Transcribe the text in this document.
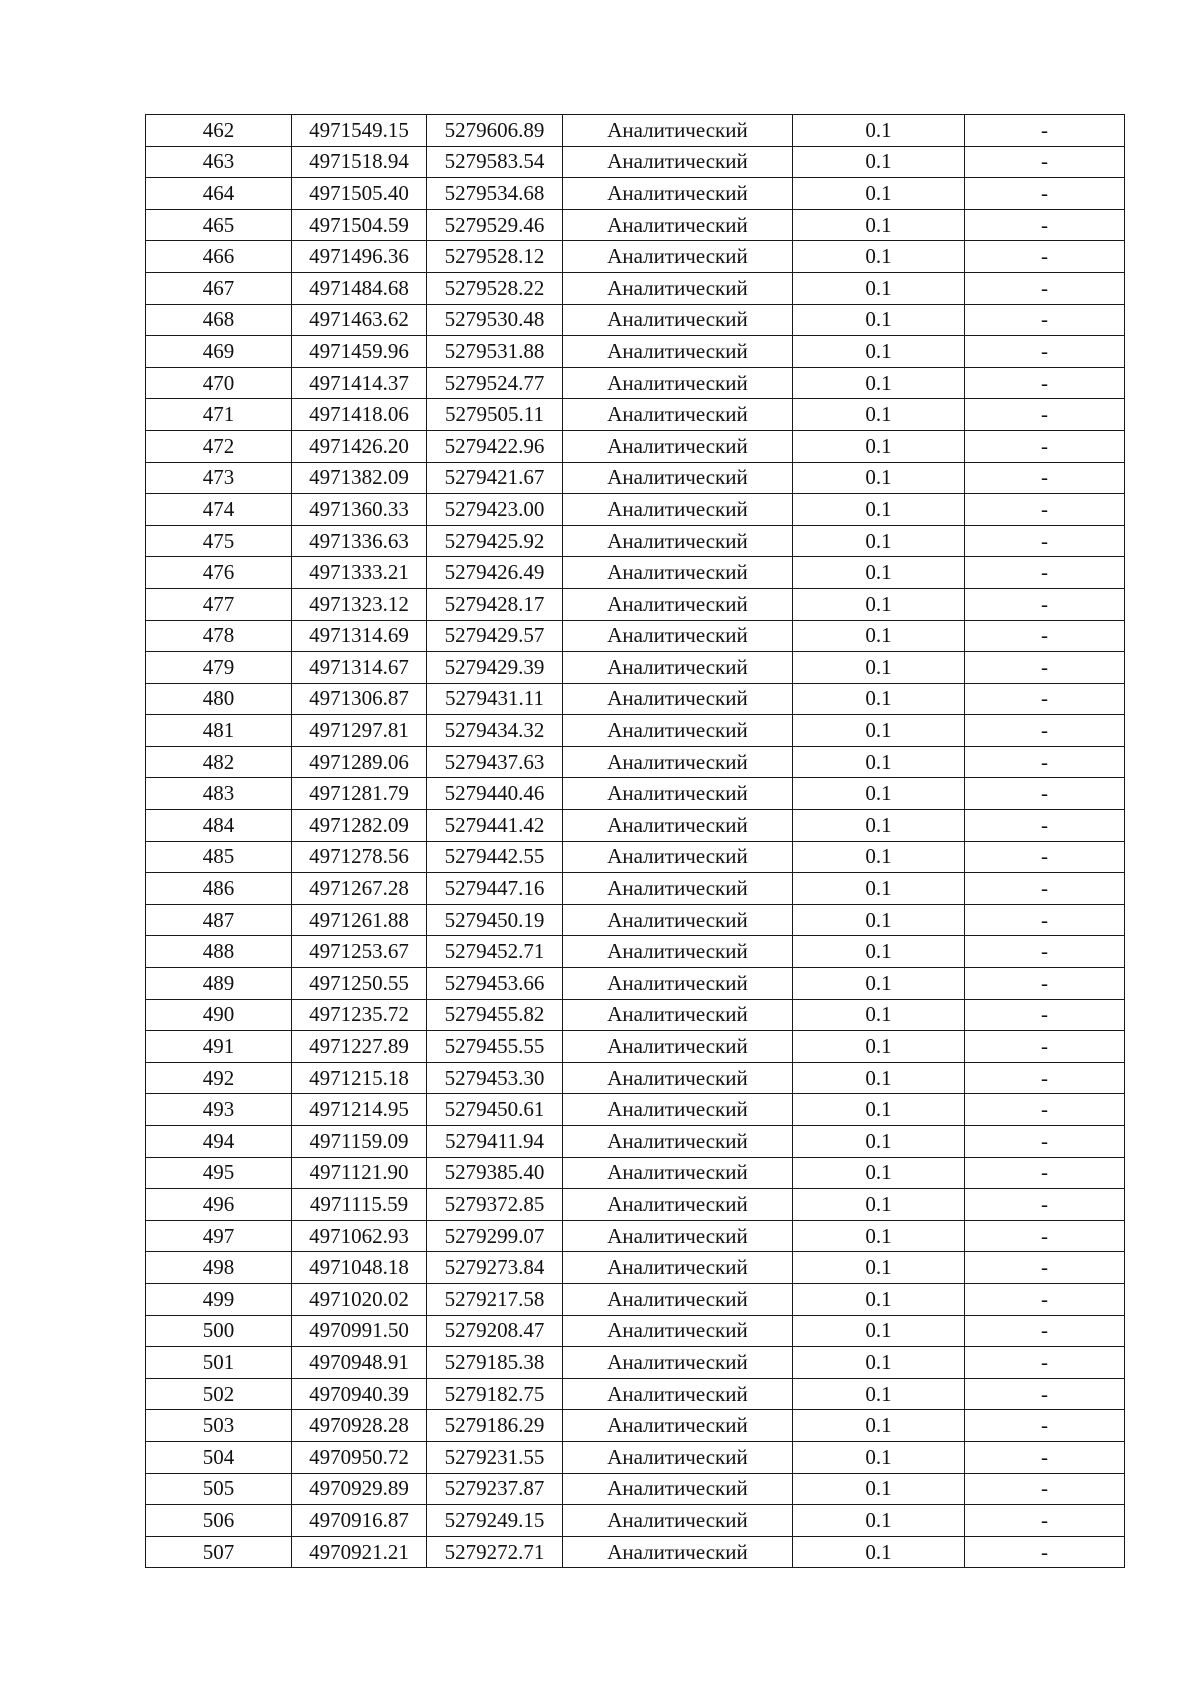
462	4971549.15	5279606.89	Аналитический	0.1	-
463	4971518.94	5279583.54	Аналитический	0.1	-
464	4971505.40	5279534.68	Аналитический	0.1	-
465	4971504.59	5279529.46	Аналитический	0.1	-
466	4971496.36	5279528.12	Аналитический	0.1	-
467	4971484.68	5279528.22	Аналитический	0.1	-
468	4971463.62	5279530.48	Аналитический	0.1	-
469	4971459.96	5279531.88	Аналитический	0.1	-
470	4971414.37	5279524.77	Аналитический	0.1	-
471	4971418.06	5279505.11	Аналитический	0.1	-
472	4971426.20	5279422.96	Аналитический	0.1	-
473	4971382.09	5279421.67	Аналитический	0.1	-
474	4971360.33	5279423.00	Аналитический	0.1	-
475	4971336.63	5279425.92	Аналитический	0.1	-
476	4971333.21	5279426.49	Аналитический	0.1	-
477	4971323.12	5279428.17	Аналитический	0.1	-
478	4971314.69	5279429.57	Аналитический	0.1	-
479	4971314.67	5279429.39	Аналитический	0.1	-
480	4971306.87	5279431.11	Аналитический	0.1	-
481	4971297.81	5279434.32	Аналитический	0.1	-
482	4971289.06	5279437.63	Аналитический	0.1	-
483	4971281.79	5279440.46	Аналитический	0.1	-
484	4971282.09	5279441.42	Аналитический	0.1	-
485	4971278.56	5279442.55	Аналитический	0.1	-
486	4971267.28	5279447.16	Аналитический	0.1	-
487	4971261.88	5279450.19	Аналитический	0.1	-
488	4971253.67	5279452.71	Аналитический	0.1	-
489	4971250.55	5279453.66	Аналитический	0.1	-
490	4971235.72	5279455.82	Аналитический	0.1	-
491	4971227.89	5279455.55	Аналитический	0.1	-
492	4971215.18	5279453.30	Аналитический	0.1	-
493	4971214.95	5279450.61	Аналитический	0.1	-
494	4971159.09	5279411.94	Аналитический	0.1	-
495	4971121.90	5279385.40	Аналитический	0.1	-
496	4971115.59	5279372.85	Аналитический	0.1	-
497	4971062.93	5279299.07	Аналитический	0.1	-
498	4971048.18	5279273.84	Аналитический	0.1	-
499	4971020.02	5279217.58	Аналитический	0.1	-
500	4970991.50	5279208.47	Аналитический	0.1	-
501	4970948.91	5279185.38	Аналитический	0.1	-
502	4970940.39	5279182.75	Аналитический	0.1	-
503	4970928.28	5279186.29	Аналитический	0.1	-
504	4970950.72	5279231.55	Аналитический	0.1	-
505	4970929.89	5279237.87	Аналитический	0.1	-
506	4970916.87	5279249.15	Аналитический	0.1	-
507	4970921.21	5279272.71	Аналитический	0.1	-
